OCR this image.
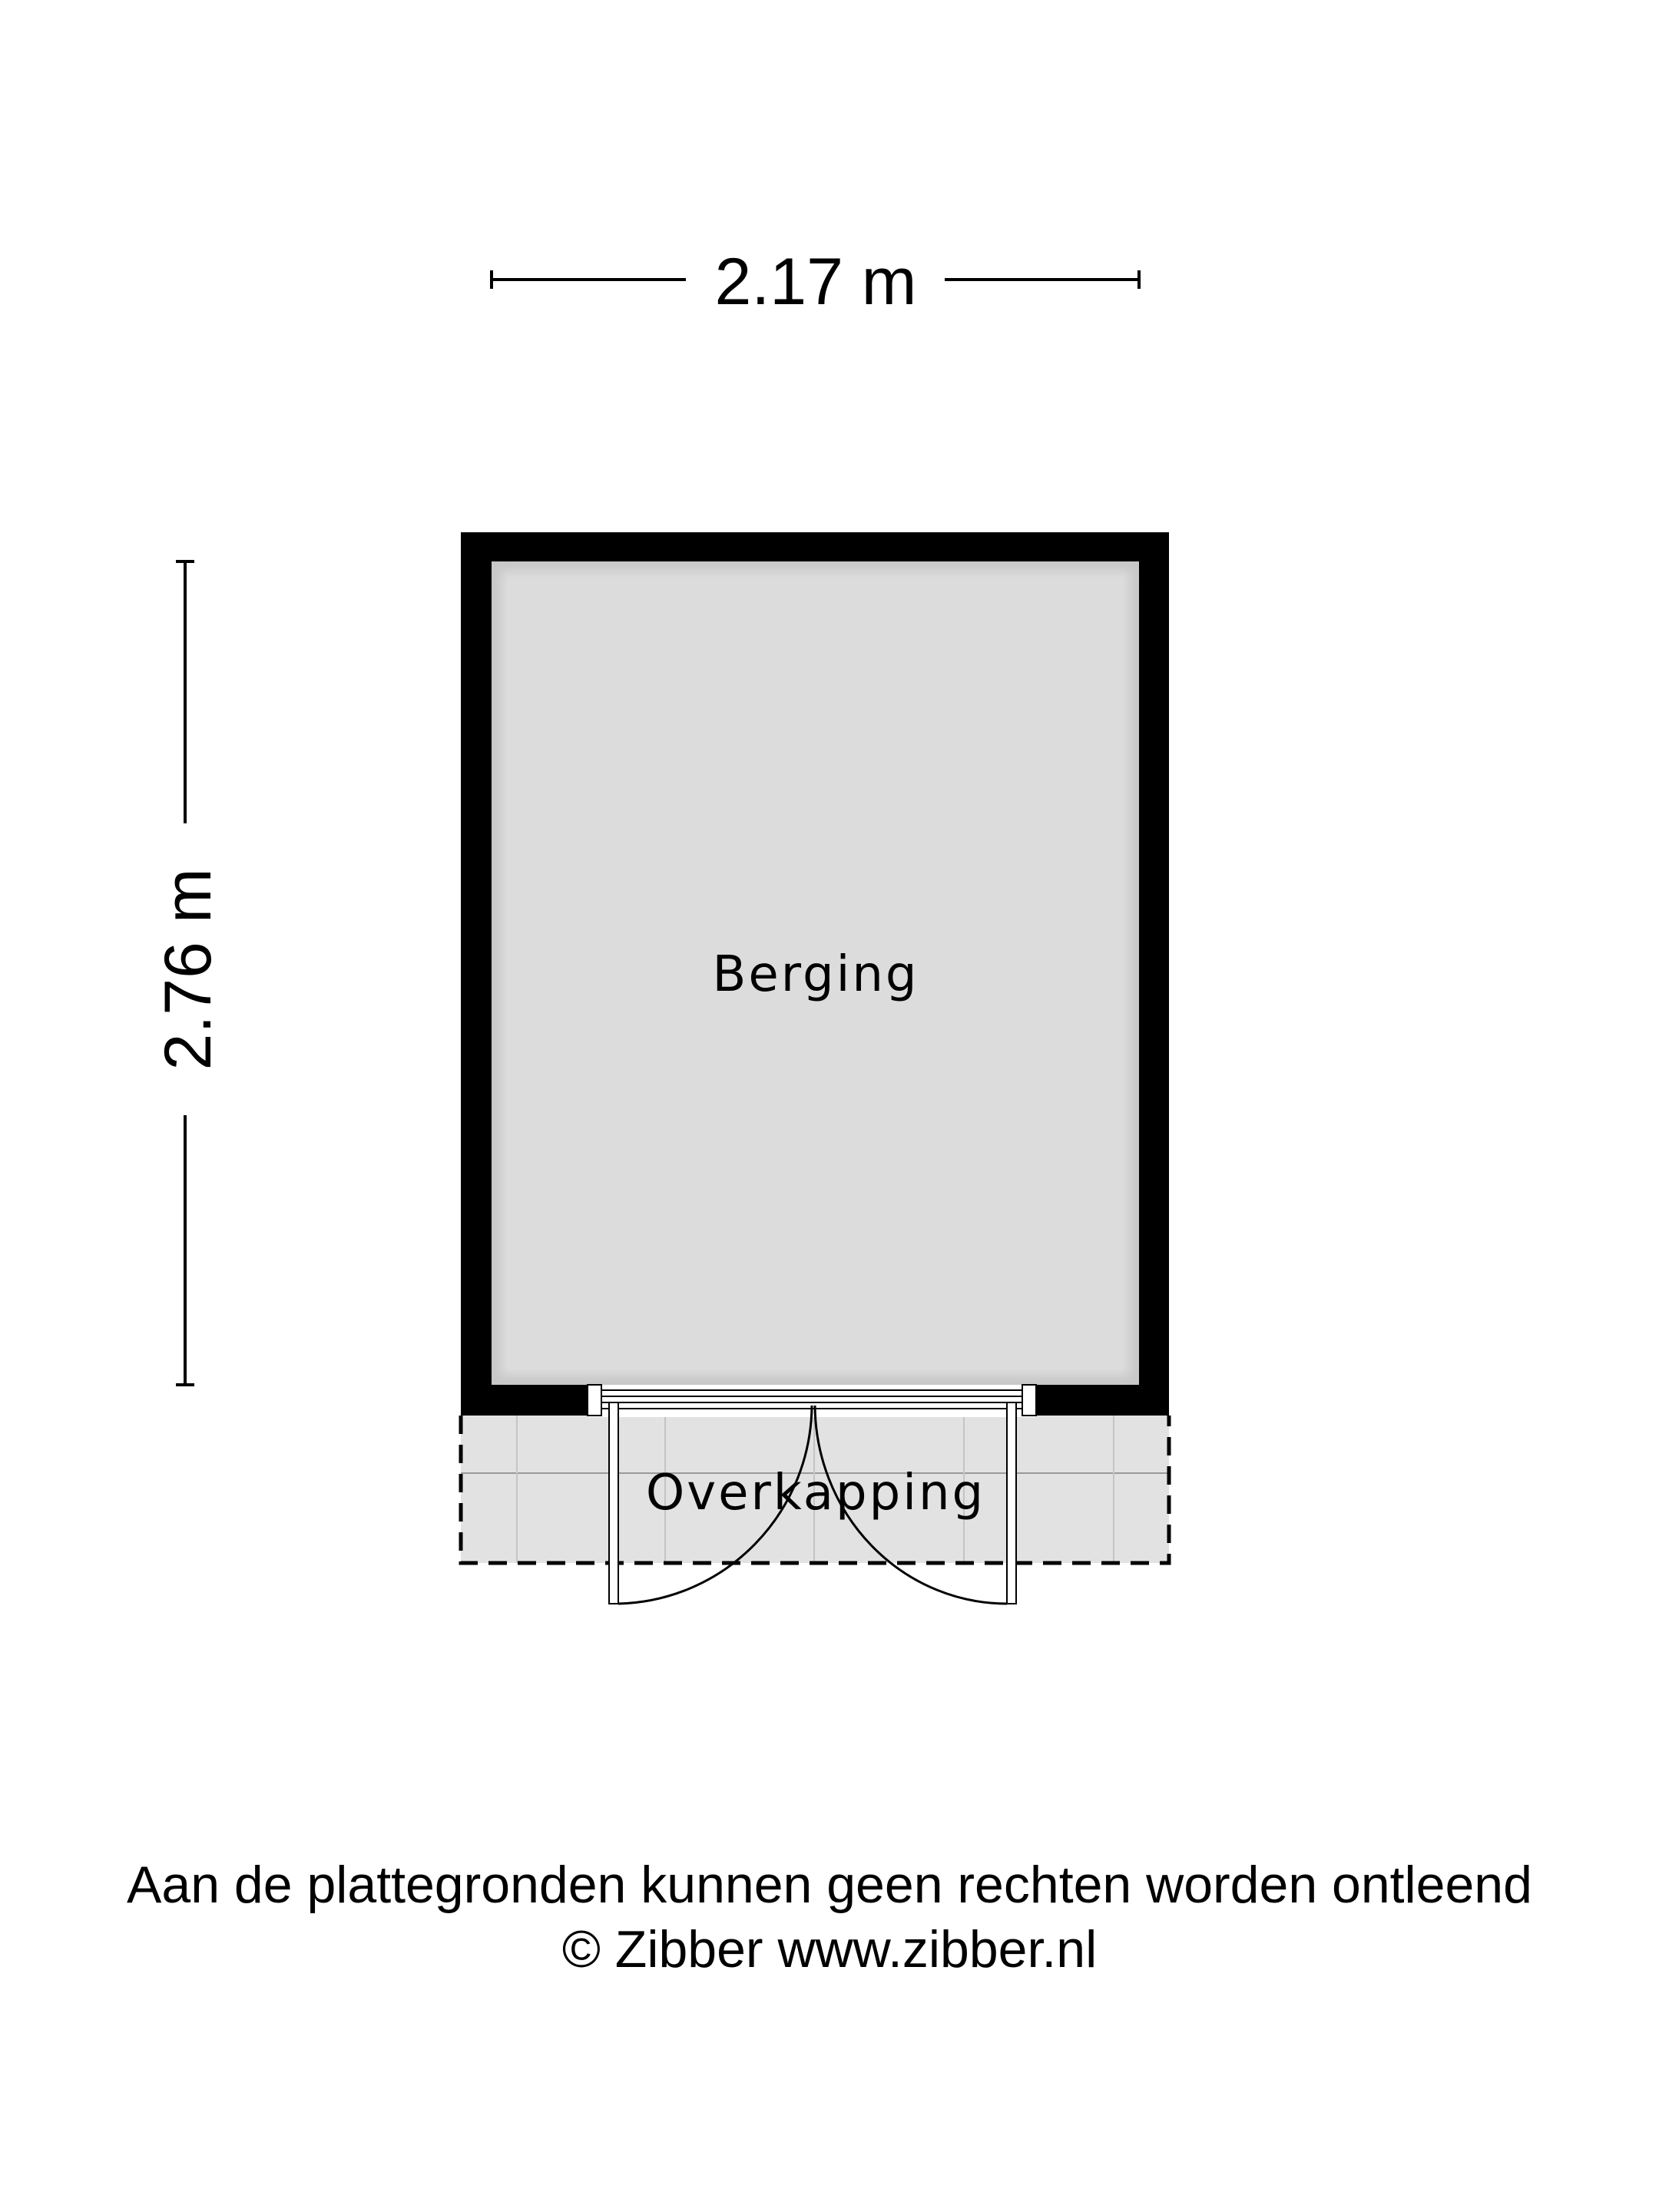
2.17 m
2.76 m	Berging
Overkapping
Aan de plattegronden kunnen geen rechten worden ontleend
© Zibber www.zibber.nl
